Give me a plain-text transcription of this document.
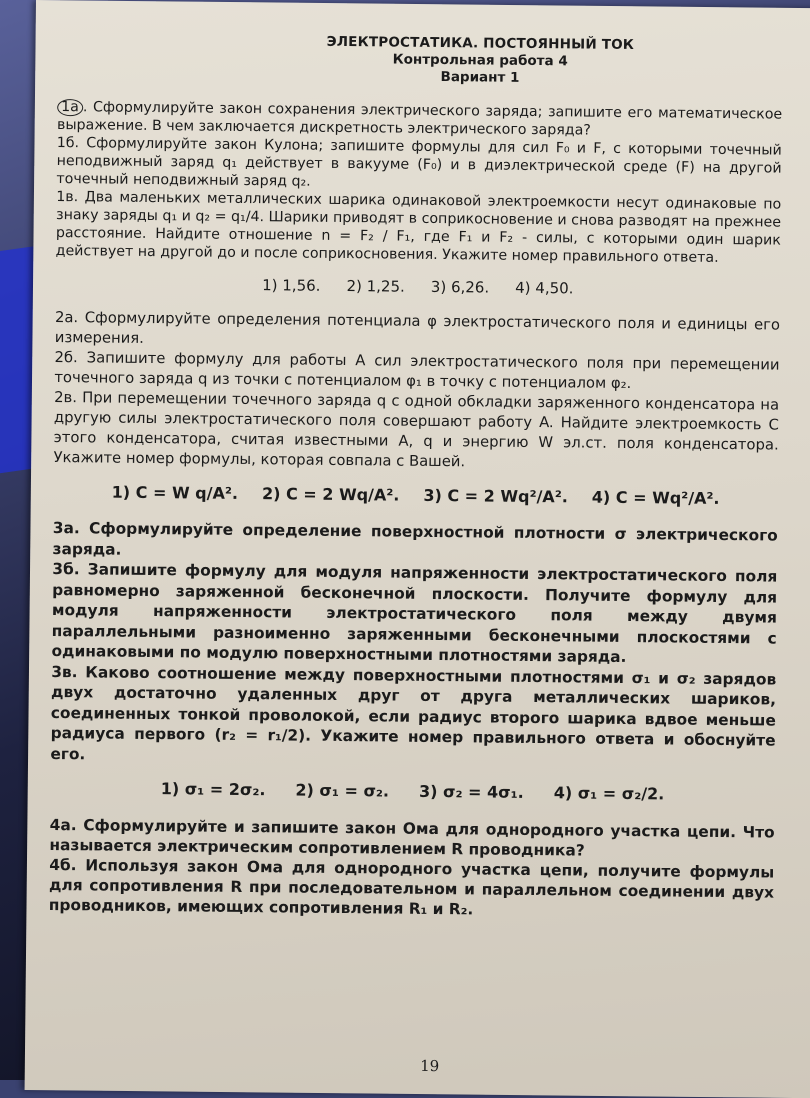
ЭЛЕКТРОСТАТИКА. ПОСТОЯННЫЙ ТОК
Контрольная работа 4
Вариант 1

1а . Сформулируйте закон сохранения электрического заряда; запишите его математическое выражение. В чем заключается дискретность электрического заряда?

1б. Сформулируйте закон Кулона; запишите формулы для сил F₀ и F, с которыми точечный неподвижный заряд q₁ действует в вакууме (F₀) и в диэлектрической среде (F) на другой точечный неподвижный заряд q₂.

1в. Два маленьких металлических шарика одинаковой электроемкости несут одинаковые по знаку заряды q₁ и q₂ = q₁/4. Шарики приводят в соприкосновение и снова разводят на прежнее расстояние. Найдите отношение n = F₂ / F₁, где F₁ и F₂ - силы, с которыми один шарик действует на другой до и после соприкосновения. Укажите номер правильного ответа.

1) 1,56. 2) 1,25. 3) 6,26. 4) 4,50.

2а. Сформулируйте определения потенциала φ электростатического поля и единицы его измерения.

2б. Запишите формулу для работы A сил электростатического поля при перемещении точечного заряда q из точки с потенциалом φ₁ в точку с потенциалом φ₂.

2в. При перемещении точечного заряда q с одной обкладки заряженного конденсатора на другую силы электростатического поля совершают работу A. Найдите электроемкость C этого конденсатора, считая известными A, q и энергию W эл.ст. поля конденсатора. Укажите номер формулы, которая совпала с Вашей.

1) C = W q/A². 2) C = 2 Wq/A². 3) C = 2 Wq²/A². 4) C = Wq²/A².

3а. Сформулируйте определение поверхностной плотности σ электрического заряда.

3б. Запишите формулу для модуля напряженности электростатического поля равномерно заряженной бесконечной плоскости. Получите формулу для модуля напряженности электростатического поля между двумя параллельными разноименно заряженными бесконечными плоскостями с одинаковыми по модулю поверхностными плотностями заряда.

3в. Каково соотношение между поверхностными плотностями σ₁ и σ₂ зарядов двух достаточно удаленных друг от друга металлических шариков, соединенных тонкой проволокой, если радиус второго шарика вдвое меньше радиуса первого (r₂ = r₁/2). Укажите номер правильного ответа и обоснуйте его.

1) σ₁ = 2σ₂. 2) σ₁ = σ₂. 3) σ₂ = 4σ₁. 4) σ₁ = σ₂/2.

4а. Сформулируйте и запишите закон Ома для однородного участка цепи. Что называется электрическим сопротивлением R проводника?

4б. Используя закон Ома для однородного участка цепи, получите формулы для сопротивления R при последовательном и параллельном соединении двух проводников, имеющих сопротивления R₁ и R₂.

19
